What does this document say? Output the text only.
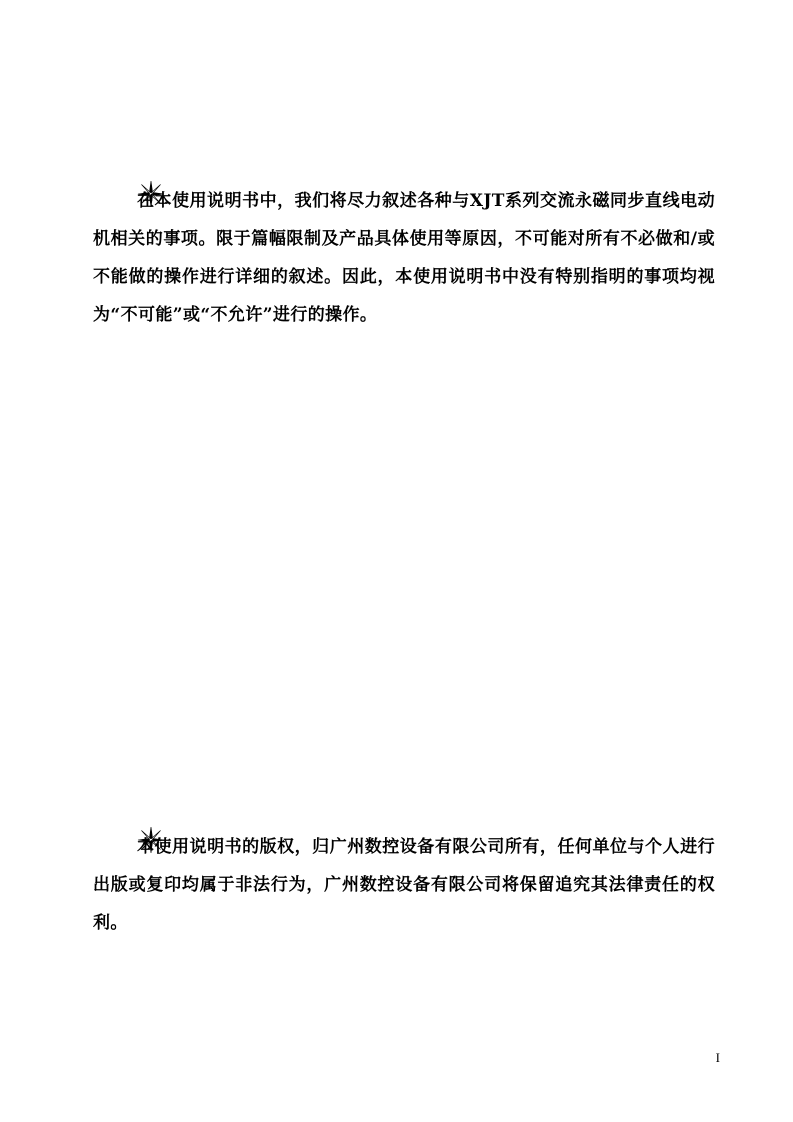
在本使用说明书中，我们将尽力叙述各种与XJT系列交流永磁同步直线电动机相关的事项。限于篇幅限制及产品具体使用等原因，不可能对所有不必做和/或不能做的操作进行详细的叙述。因此，本使用说明书中没有特别指明的事项均视为“不可能”或“不允许”进行的操作。

本使用说明书的版权，归广州数控设备有限公司所有，任何单位与个人进行出版或复印均属于非法行为，广州数控设备有限公司将保留追究其法律责任的权利。

I
